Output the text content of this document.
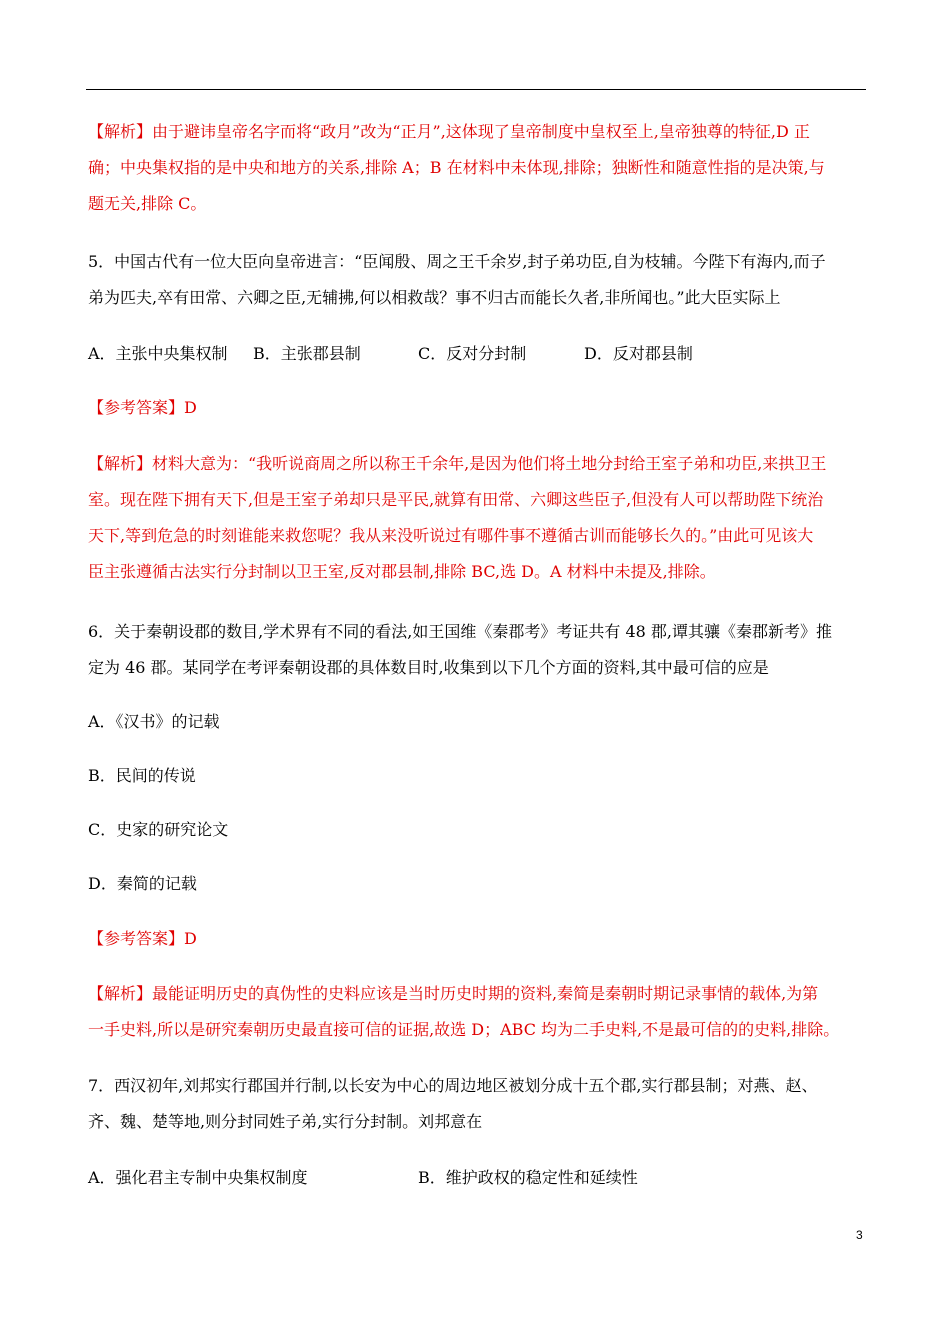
【解析】由于避讳皇帝名字而将“政月”改为“正月”,这体现了皇帝制度中皇权至上,皇帝独尊的特征,D 正
确；中央集权指的是中央和地方的关系,排除 A；B 在材料中未体现,排除；独断性和随意性指的是决策,与
题无关,排除 C。
5．中国古代有一位大臣向皇帝进言：“臣闻殷、周之王千余岁,封子弟功臣,自为枝辅。今陛下有海内,而子
弟为匹夫,卒有田常、六卿之臣,无辅拂,何以相救哉？事不归古而能长久者,非所闻也。”此大臣实际上
A．主张中央集权制 B．主张郡县制	C．反对分封制	D．反对郡县制
【参考答案】D
【解析】材料大意为：“我听说商周之所以称王千余年,是因为他们将土地分封给王室子弟和功臣,来拱卫王
室。现在陛下拥有天下,但是王室子弟却只是平民,就算有田常、六卿这些臣子,但没有人可以帮助陛下统治
天下,等到危急的时刻谁能来救您呢？我从来没听说过有哪件事不遵循古训而能够长久的。”由此可见该大
臣主张遵循古法实行分封制以卫王室,反对郡县制,排除 BC,选 D。A 材料中未提及,排除。
6．关于秦朝设郡的数目,学术界有不同的看法,如王国维《秦郡考》考证共有 48 郡,谭其骧《秦郡新考》推
定为 46 郡。某同学在考评秦朝设郡的具体数目时,收集到以下几个方面的资料,其中最可信的应是
A．《汉书》的记载
B．民间的传说
C．史家的研究论文
D．秦简的记载
【参考答案】D
【解析】最能证明历史的真伪性的史料应该是当时历史时期的资料,秦简是秦朝时期记录事情的载体,为第
一手史料,所以是研究秦朝历史最直接可信的证据,故选 D；ABC 均为二手史料,不是最可信的的史料,排除。
7．西汉初年,刘邦实行郡国并行制,以长安为中心的周边地区被划分成十五个郡,实行郡县制；对燕、赵、
齐、魏、楚等地,则分封同姓子弟,实行分封制。刘邦意在
A．强化君主专制中央集权制度	B．维护政权的稳定性和延续性
3
